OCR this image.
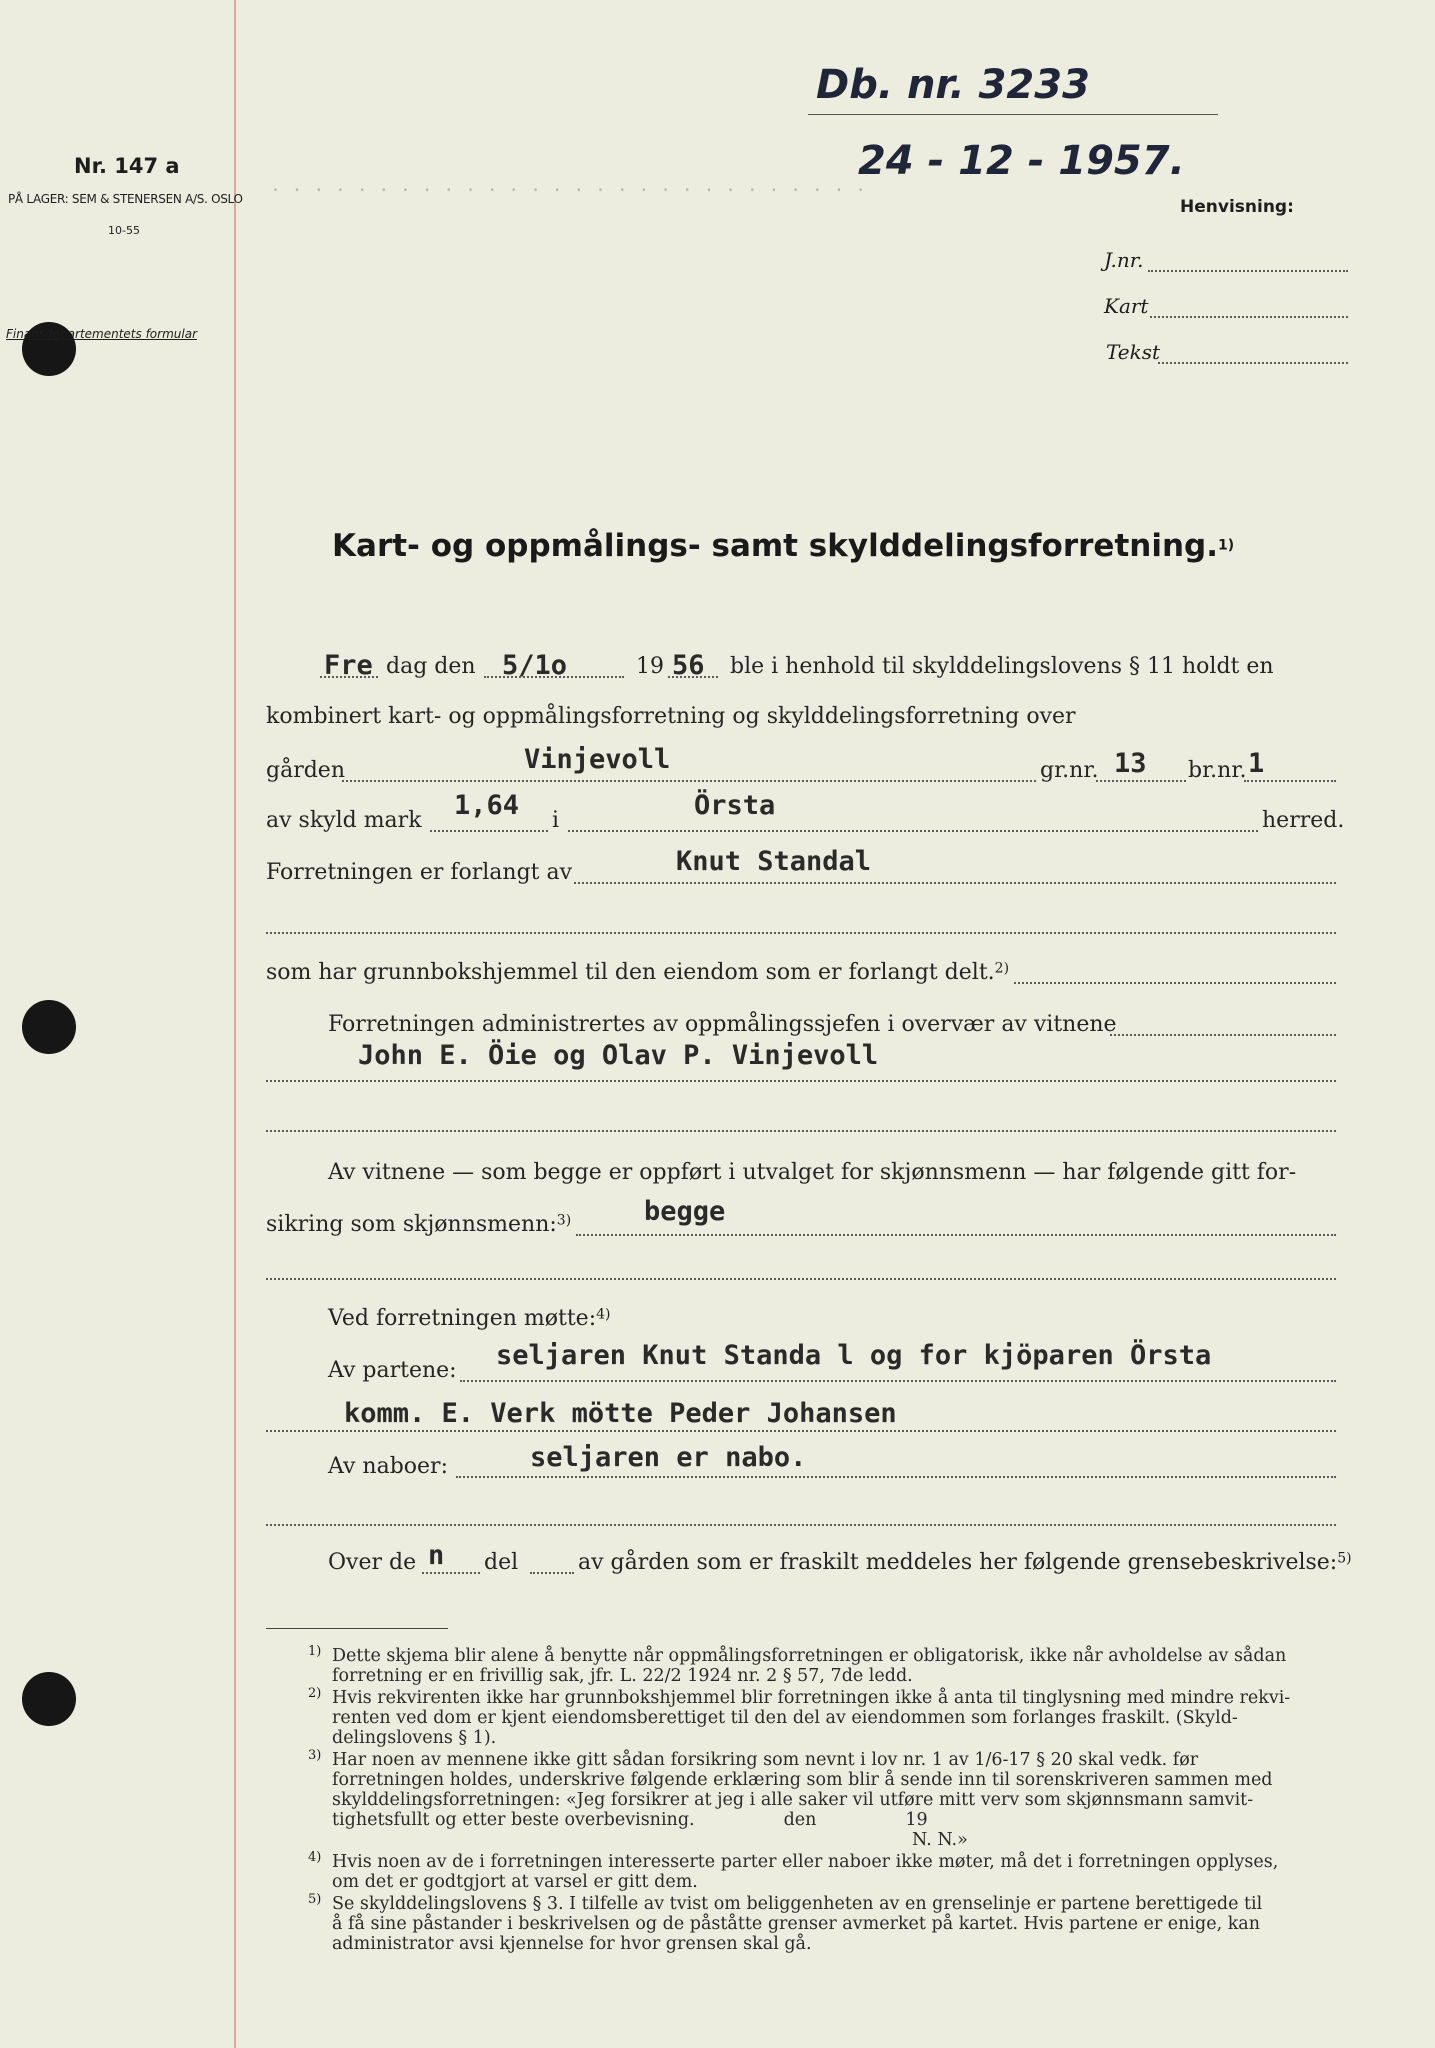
Nr. 147 a
PÅ LAGER: SEM & STENERSEN A/S. OSLO
10-55
Finansdepartementets formular
Db. nr. 3233
24 - 12 - 1957.
· · · · · · · · · · · · · · · · · · · · · · · · · · · ·
Henvisning:
J.nr.
Kart
Tekst
Kart- og oppmålings- samt skylddelingsforretning.1)
Fre dag den 5/1o	19 56 ble i henhold til skylddelingslovens § 11 holdt en
kombinert kart- og oppmålingsforretning og skylddelingsforretning over
gården	Vinjevoll	gr.nr. 13 br.nr. 1
av skyld mark 1,64 i	Örsta	herred.
Forretningen er forlangt av	Knut Standal
som har grunnbokshjemmel til den eiendom som er forlangt delt.2)
Forretningen administrertes av oppmålingssjefen i overvær av vitnene
John E. Öie og Olav P. Vinjevoll
Av vitnene — som begge er oppført i utvalget for skjønnsmenn — har følgende gitt for-
sikring som skjønnsmenn:3)	begge
Ved forretningen møtte:4)
Av partene: seljaren Knut Standa l og for kjöparen Örsta
komm. E. Verk mötte Peder Johansen
Av naboer:	seljaren er nabo.
Over de n del	av gården som er fraskilt meddeles her følgende grensebeskrivelse:5)
1) Dette skjema blir alene å benytte når oppmålingsforretningen er obligatorisk, ikke når avholdelse av sådan
forretning er en frivillig sak, jfr. L. 22/2 1924 nr. 2 § 57, 7de ledd.
2) Hvis rekvirenten ikke har grunnbokshjemmel blir forretningen ikke å anta til tinglysning med mindre rekvi-
renten ved dom er kjent eiendomsberettiget til den del av eiendommen som forlanges fraskilt. (Skyld-
delingslovens § 1).
3) Har noen av mennene ikke gitt sådan forsikring som nevnt i lov nr. 1 av 1/6-17 § 20 skal vedk. før
forretningen holdes, underskrive følgende erklæring som blir å sende inn til sorenskriveren sammen med
skylddelingsforretningen: «Jeg forsikrer at jeg i alle saker vil utføre mitt verv som skjønnsmann samvit-
tighetsfullt og etter beste overbevisning.                den                19
N. N.»
4) Hvis noen av de i forretningen interesserte parter eller naboer ikke møter, må det i forretningen opplyses,
om det er godtgjort at varsel er gitt dem.
5) Se skylddelingslovens § 3. I tilfelle av tvist om beliggenheten av en grenselinje er partene berettigede til
å få sine påstander i beskrivelsen og de påståtte grenser avmerket på kartet. Hvis partene er enige, kan
administrator avsi kjennelse for hvor grensen skal gå.
